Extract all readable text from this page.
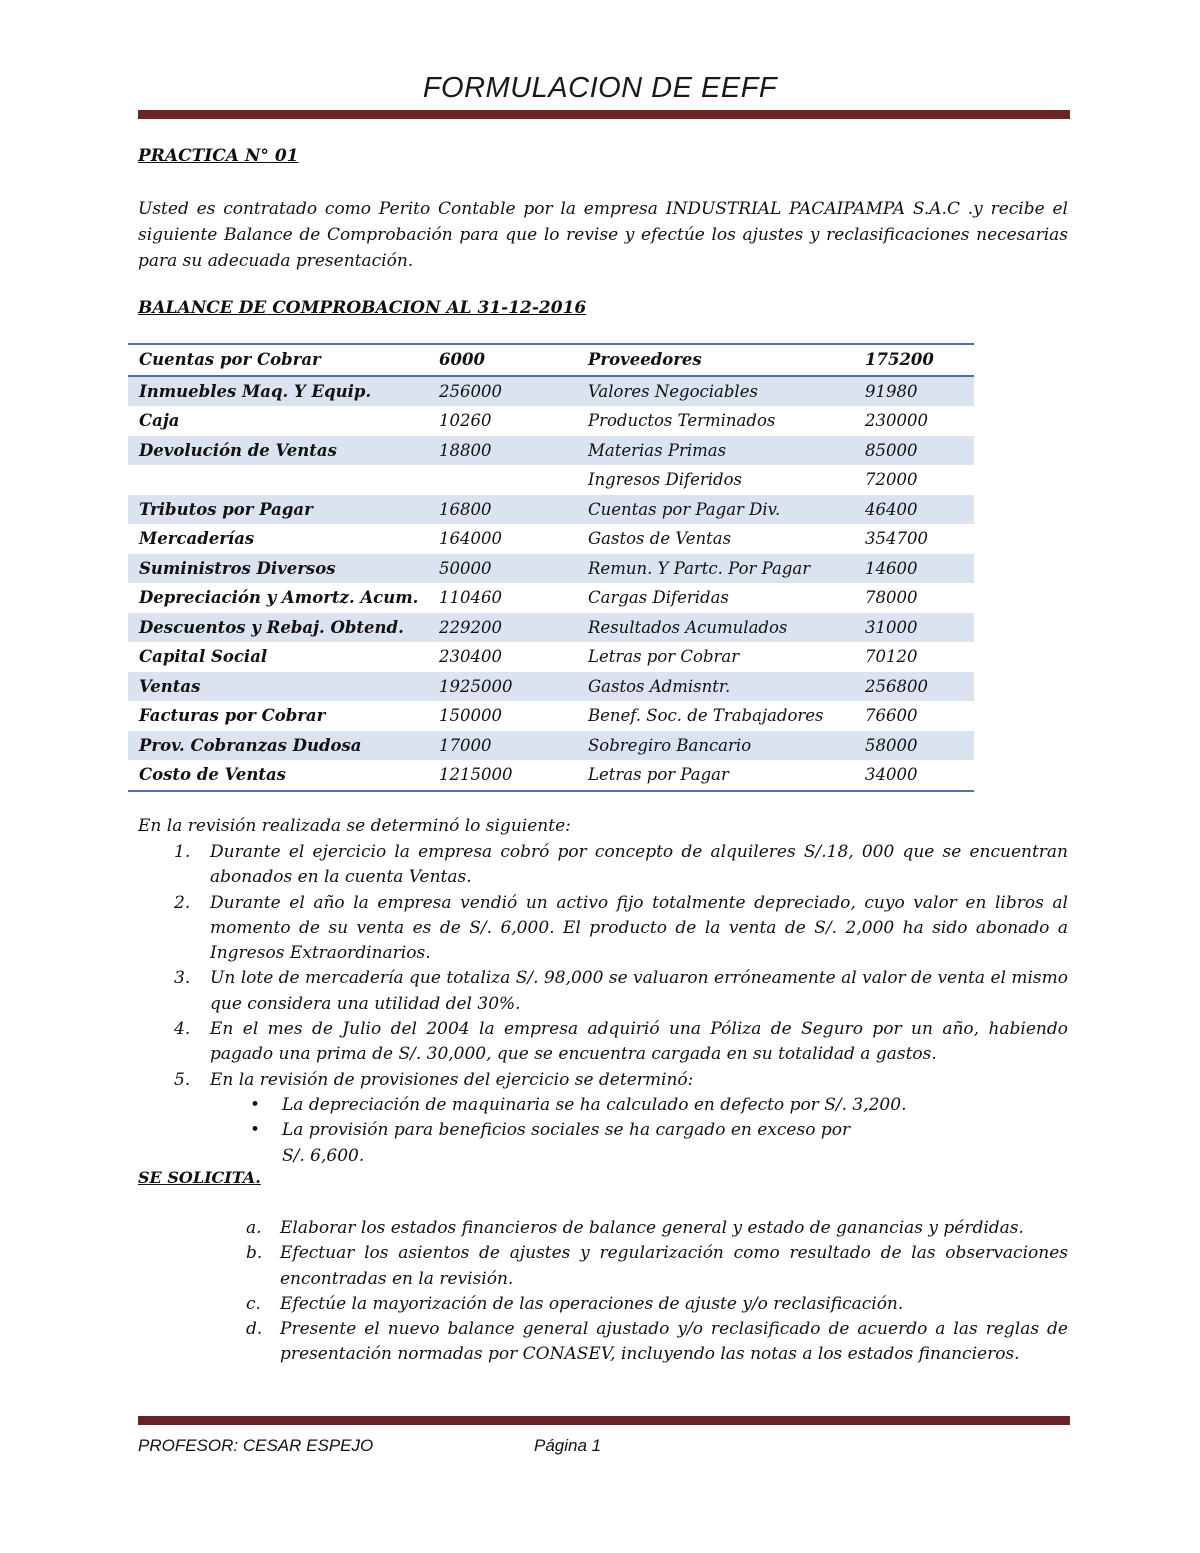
FORMULACION DE EEFF
PRACTICA N° 01
Usted es contratado como Perito Contable por la empresa INDUSTRIAL PACAIPAMPA S.A.C .y recibe el siguiente Balance de Comprobación para que lo revise y efectúe los ajustes y reclasificaciones necesarias para su adecuada presentación.
BALANCE DE COMPROBACION AL 31-12-2016
Cuentas por Cobrar	6000	Proveedores	175200
Inmuebles Maq. Y Equip.	256000	Valores Negociables	91980
Caja	10260	Productos Terminados	230000
Devolución de Ventas	18800	Materias Primas	85000
		Ingresos Diferidos	72000
Tributos por Pagar	16800	Cuentas por Pagar Div.	46400
Mercaderías	164000	Gastos de Ventas	354700
Suministros Diversos	50000	Remun. Y Partc. Por Pagar	14600
Depreciación y Amortz. Acum.	110460	Cargas Diferidas	78000
Descuentos y Rebaj. Obtend.	229200	Resultados Acumulados	31000
Capital Social	230400	Letras por Cobrar	70120
Ventas	1925000	Gastos Admisntr.	256800
Facturas por Cobrar	150000	Benef. Soc. de Trabajadores	76600
Prov. Cobranzas Dudosa	17000	Sobregiro Bancario	58000
Costo de Ventas	1215000	Letras por Pagar	34000
En la revisión realizada se determinó lo siguiente:
1. Durante el ejercicio la empresa cobró por concepto de alquileres S/.18, 000 que se encuentran abonados en la cuenta Ventas.
2. Durante el año la empresa vendió un activo fijo totalmente depreciado, cuyo valor en libros al momento de su venta es de S/. 6,000. El producto de la venta de S/. 2,000 ha sido abonado a Ingresos Extraordinarios.
3. Un lote de mercadería que totaliza S/. 98,000 se valuaron erróneamente al valor de venta el mismo que considera una utilidad del 30%.
4. En el mes de Julio del 2004 la empresa adquirió una Póliza de Seguro por un año, habiendo pagado una prima de S/. 30,000, que se encuentra cargada en su totalidad a gastos.
5. En la revisión de provisiones del ejercicio se determinó:
• La depreciación de maquinaria se ha calculado en defecto por S/. 3,200.
• La provisión para beneficios sociales se ha cargado en exceso por
S/. 6,600.
SE SOLICITA.
a. Elaborar los estados financieros de balance general y estado de ganancias y pérdidas.
b. Efectuar los asientos de ajustes y regularización como resultado de las observaciones encontradas en la revisión.
c. Efectúe la mayorización de las operaciones de ajuste y/o reclasificación.
d. Presente el nuevo balance general ajustado y/o reclasificado de acuerdo a las reglas de presentación normadas por CONASEV, incluyendo las notas a los estados financieros.
PROFESOR: CESAR ESPEJO	Página 1
